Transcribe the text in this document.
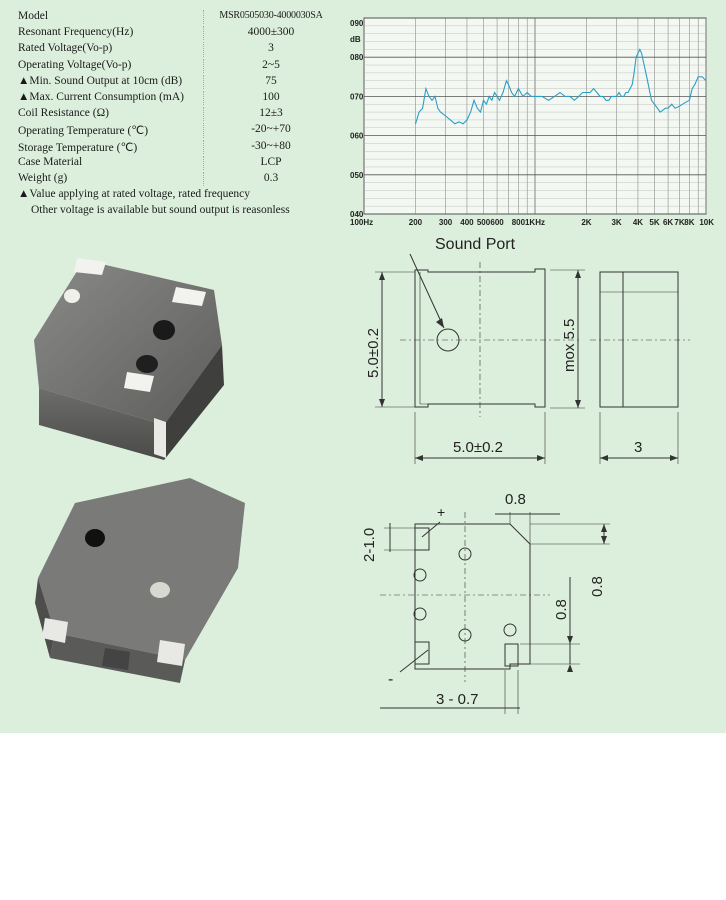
Model	MSR0505030-4000030SA
Resonant Frequency(Hz)	4000±300
Rated Voltage(Vo-p)	3
Operating Voltage(Vo-p)	2~5
▲Min. Sound Output at 10cm (dB)	75
▲Max. Current Consumption (mA)	100
Coil Resistance (Ω)	12±3
Operating Temperature (℃)	-20~+70
Storage Temperature (℃)	-30~+80
Case Material	LCP
Weight (g)	0.3
▲Value applying at rated voltage, rated frequency
Other voltage is available but sound output is reasonless
090
080
070
060
050
040
100Hz	200 300 400 500 600 800 1KHz	2K 3K 4K 5K 6K 7K 8K 10K
dB
Sound Port
5.0±0.2	mox 5.5
5.0±0.2	3
0.8
2-1.0
0.8
0.8
3 - 0.7
+
-
